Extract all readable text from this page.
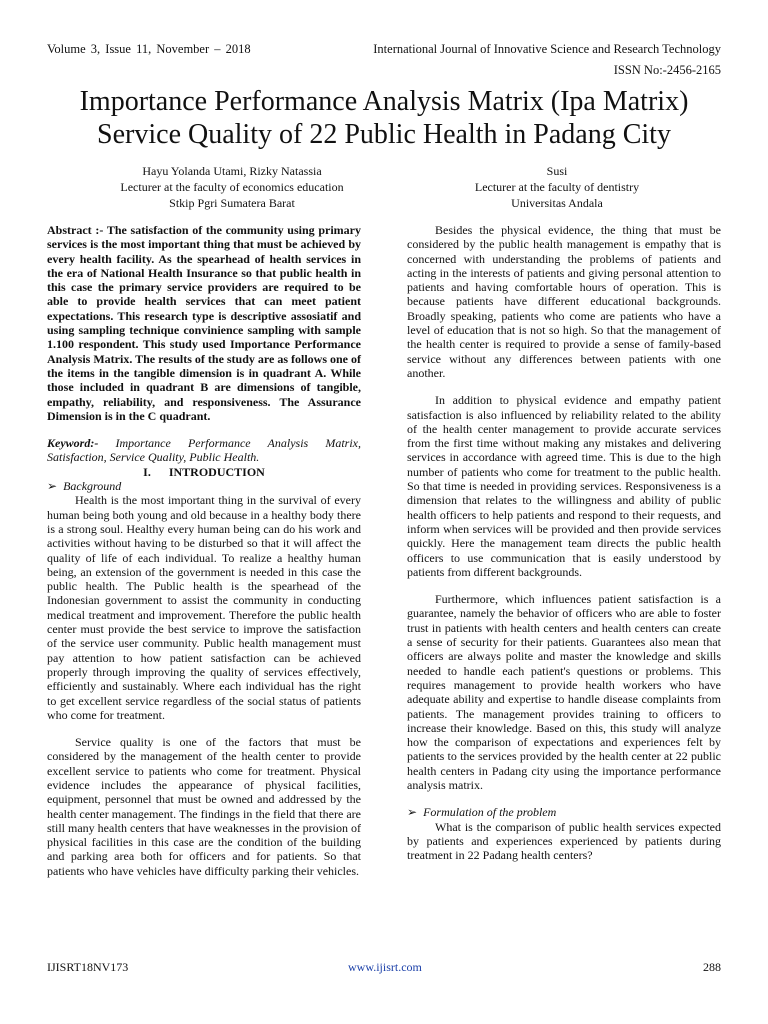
Volume 3, Issue 11, November – 2018	International Journal of Innovative Science and Research Technology
ISSN No:-2456-2165
Importance Performance Analysis Matrix (Ipa Matrix)
Service Quality of 22 Public Health in Padang City
Hayu Yolanda Utami, Rizky Natassia
Lecturer at the faculty of economics education
Stkip Pgri Sumatera Barat
Susi
Lecturer at the faculty of dentistry
Universitas Andala

Abstract :- The satisfaction of the community using primary services is the most important thing that must be achieved by every health facility. As the spearhead of health services in the era of National Health Insurance so that public health in this case the primary service providers are required to be able to provide health services that can meet patient expectations. This research type is descriptive assosiatif and using sampling technique convinience sampling with sample 1.100 respondent. This study used Importance Performance Analysis Matrix. The results of the study are as follows one of the items in the tangible dimension is in quadrant A. While those included in quadrant B are dimensions of tangible, empathy, reliability, and responsiveness. The Assurance Dimension is in the C quadrant.

Keyword:- Importance Performance Analysis Matrix, Satisfaction, Service Quality, Public Health.

I.      INTRODUCTION

➢ Background

Health is the most important thing in the survival of every human being both young and old because in a healthy body there is a strong soul. Healthy every human being can do his work and activities without having to be disturbed so that it will affect the quality of life of each individual. To realize a healthy human being, an extension of the government is needed in this case the public health. The Public health is the spearhead of the Indonesian government to assist the community in conducting medical treatment and improvement. Therefore the public health center must provide the best service to improve the satisfaction of the service user community. Public health management must pay attention to how patient satisfaction can be achieved properly through improving the quality of services effectively, efficiently and sustainably. Where each individual has the right to get excellent service regardless of the social status of patients who come for treatment.

Service quality is one of the factors that must be considered by the management of the health center to provide excellent service to patients who come for treatment. Physical evidence includes the appearance of physical facilities, equipment, personnel that must be owned and addressed by the health center management. The findings in the field that there are still many health centers that have weaknesses in the provision of physical facilities in this case are the condition of the building and parking area both for officers and for patients. So that patients who have vehicles have difficulty parking their vehicles.

Besides the physical evidence, the thing that must be considered by the public health management is empathy that is concerned with understanding the problems of patients and acting in the interests of patients and giving personal attention to patients and having comfortable hours of operation. This is because patients have different educational backgrounds. Broadly speaking, patients who come are patients who have a level of education that is not so high. So that the management of the health center is required to provide a sense of family-based service without any differences between patients with one another.

In addition to physical evidence and empathy patient satisfaction is also influenced by reliability related to the ability of the health center management to provide accurate services from the first time without making any mistakes and delivering services in accordance with agreed time. This is due to the high number of patients who come for treatment to the public health. So that time is needed in providing services. Responsiveness is a dimension that relates to the willingness and ability of public health officers to help patients and respond to their requests, and inform when services will be provided and then provide services quickly. Here the management team directs the public health officers to use communication that is easily understood by patients from different backgrounds.

Furthermore, which influences patient satisfaction is a guarantee, namely the behavior of officers who are able to foster trust in patients with health centers and health centers can create a sense of security for their patients. Guarantees also mean that officers are always polite and master the knowledge and skills needed to handle each patient's questions or problems. This requires management to provide health workers who have adequate ability and expertise to handle disease complaints from patients. The management provides training to officers to increase their knowledge. Based on this, this study will analyze how the comparison of expectations and experiences felt by patients to the services provided by the health center at 22 public health centers in Padang city using the importance performance analysis matrix.

➢ Formulation of the problem

What is the comparison of public health services expected by patients and experiences experienced by patients during treatment in 22 Padang health centers?

IJISRT18NV173	www.ijisrt.com	288
